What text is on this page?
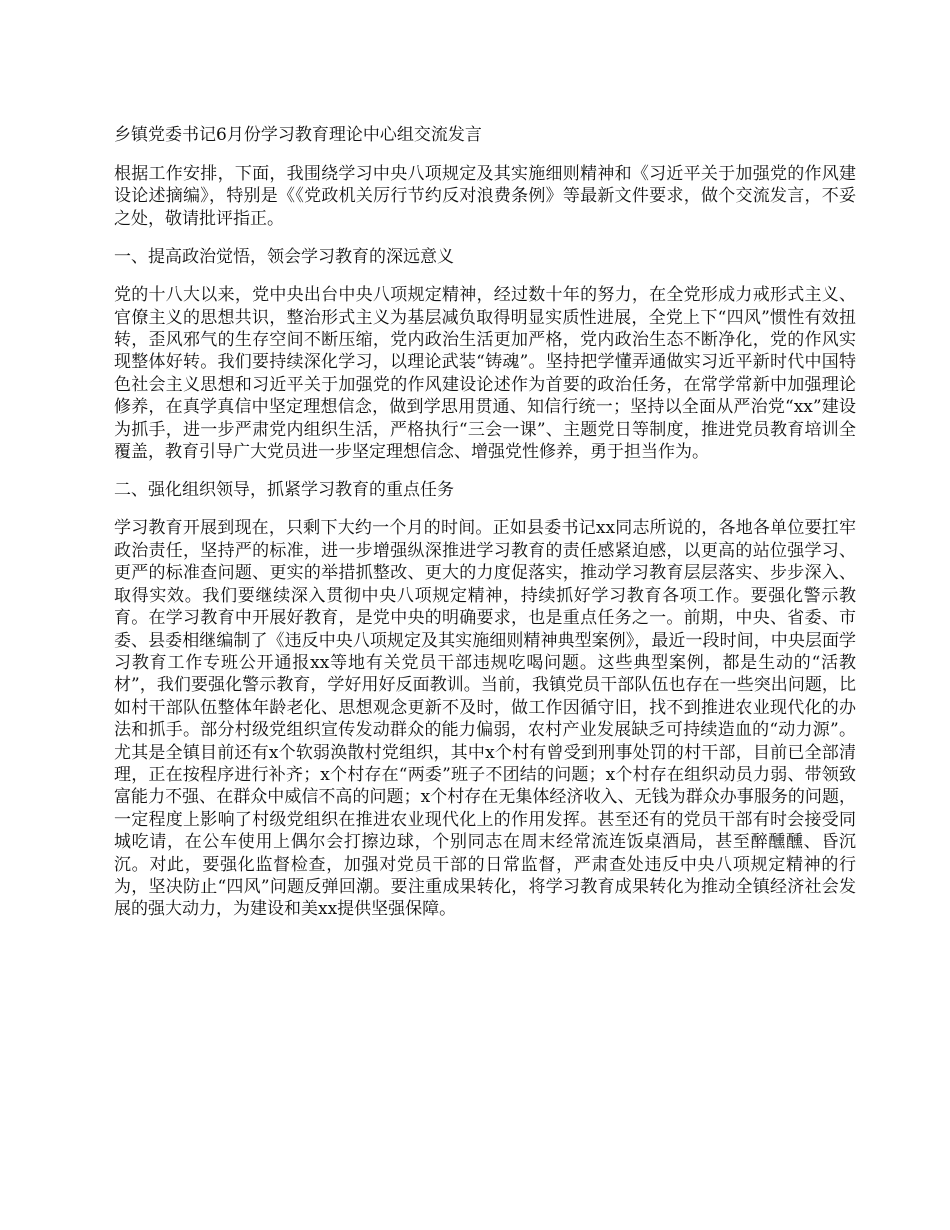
乡镇党委书记6月份学习教育理论中心组交流发言

根据工作安排，下面，我围绕学习中央八项规定及其实施细则精神和《习近平关于加强党的作风建设论述摘编》，特别是《《党政机关厉行节约反对浪费条例》等最新文件要求，做个交流发言，不妥之处，敬请批评指正。

一、提高政治觉悟，领会学习教育的深远意义

党的十八大以来，党中央出台中央八项规定精神，经过数十年的努力，在全党形成力戒形式主义、官僚主义的思想共识，整治形式主义为基层减负取得明显实质性进展，全党上下“四风”惯性有效扭转，歪风邪气的生存空间不断压缩，党内政治生活更加严格，党内政治生态不断净化，党的作风实现整体好转。我们要持续深化学习，以理论武装“铸魂”。坚持把学懂弄通做实习近平新时代中国特色社会主义思想和习近平关于加强党的作风建设论述作为首要的政治任务，在常学常新中加强理论修养，在真学真信中坚定理想信念，做到学思用贯通、知信行统一；坚持以全面从严治党“xx”建设为抓手，进一步严肃党内组织生活，严格执行“三会一课”、主题党日等制度，推进党员教育培训全覆盖，教育引导广大党员进一步坚定理想信念、增强党性修养，勇于担当作为。

二、强化组织领导，抓紧学习教育的重点任务

学习教育开展到现在，只剩下大约一个月的时间。正如县委书记xx同志所说的，各地各单位要扛牢政治责任，坚持严的标准，进一步增强纵深推进学习教育的责任感紧迫感，以更高的站位强学习、更严的标准查问题、更实的举措抓整改、更大的力度促落实，推动学习教育层层落实、步步深入、取得实效。我们要继续深入贯彻中央八项规定精神，持续抓好学习教育各项工作。要强化警示教育。在学习教育中开展好教育，是党中央的明确要求，也是重点任务之一。前期，中央、省委、市委、县委相继编制了《违反中央八项规定及其实施细则精神典型案例》，最近一段时间，中央层面学习教育工作专班公开通报xx等地有关党员干部违规吃喝问题。这些典型案例，都是生动的“活教材”，我们要强化警示教育，学好用好反面教训。当前，我镇党员干部队伍也存在一些突出问题，比如村干部队伍整体年龄老化、思想观念更新不及时，做工作因循守旧，找不到推进农业现代化的办法和抓手。部分村级党组织宣传发动群众的能力偏弱，农村产业发展缺乏可持续造血的“动力源”。尤其是全镇目前还有x个软弱涣散村党组织，其中x个村有曾受到刑事处罚的村干部，目前已全部清理，正在按程序进行补齐；x个村存在“两委”班子不团结的问题；x个村存在组织动员力弱、带领致富能力不强、在群众中威信不高的问题；x个村存在无集体经济收入、无钱为群众办事服务的问题，一定程度上影响了村级党组织在推进农业现代化上的作用发挥。甚至还有的党员干部有时会接受同城吃请，在公车使用上偶尔会打擦边球，个别同志在周末经常流连饭桌酒局，甚至醉醺醺、昏沉沉。对此，要强化监督检查，加强对党员干部的日常监督，严肃查处违反中央八项规定精神的行为，坚决防止“四风”问题反弹回潮。要注重成果转化，将学习教育成果转化为推动全镇经济社会发展的强大动力，为建设和美xx提供坚强保障。
